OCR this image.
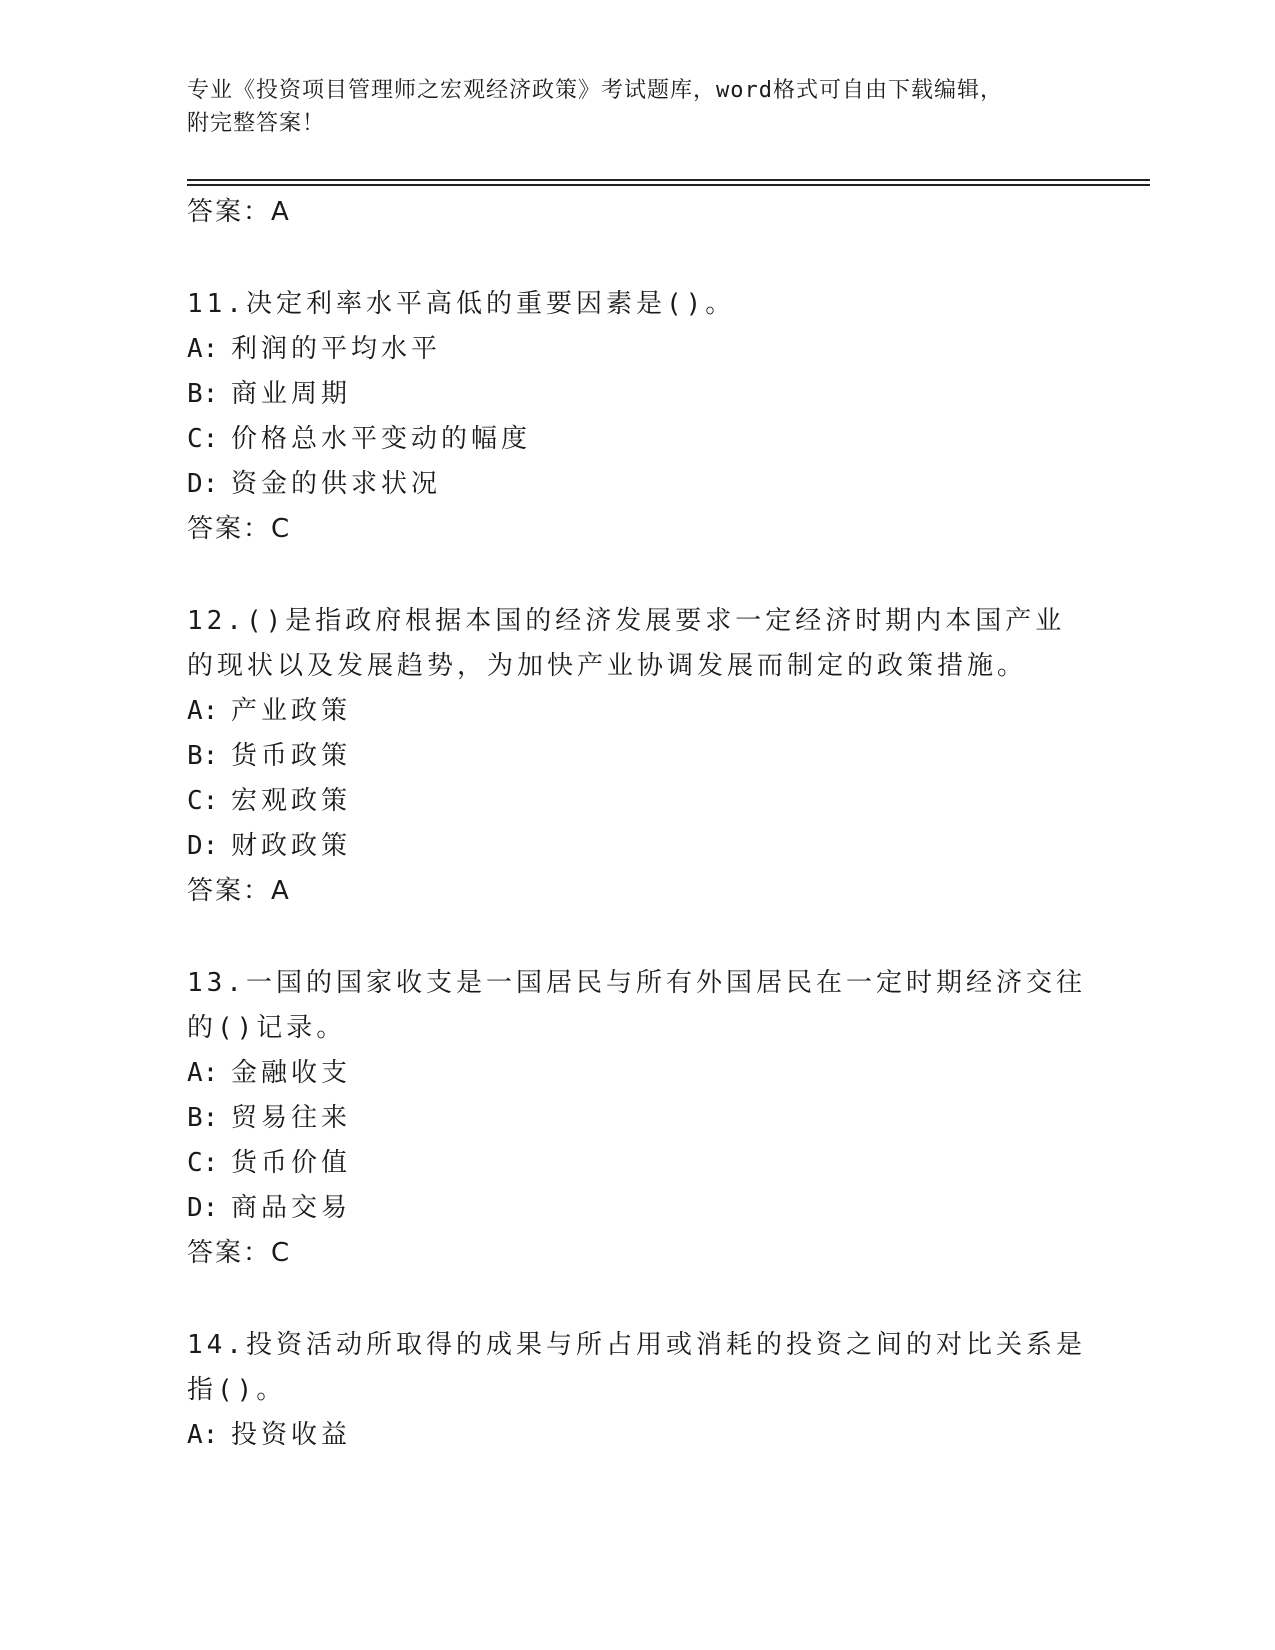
专业《投资项目管理师之宏观经济政策》考试题库，word格式可自由下载编辑，
附完整答案！
答案：A
11.决定利率水平高低的重要因素是()。
A: 利润的平均水平
B: 商业周期
C: 价格总水平变动的幅度
D: 资金的供求状况
答案：C
12.()是指政府根据本国的经济发展要求一定经济时期内本国产业的现状以及发展趋势，为加快产业协调发展而制定的政策措施。
A: 产业政策
B: 货币政策
C: 宏观政策
D: 财政政策
答案：A
13.一国的国家收支是一国居民与所有外国居民在一定时期经济交往的()记录。
A: 金融收支
B: 贸易往来
C: 货币价值
D: 商品交易
答案：C
14.投资活动所取得的成果与所占用或消耗的投资之间的对比关系是指()。
A: 投资收益
